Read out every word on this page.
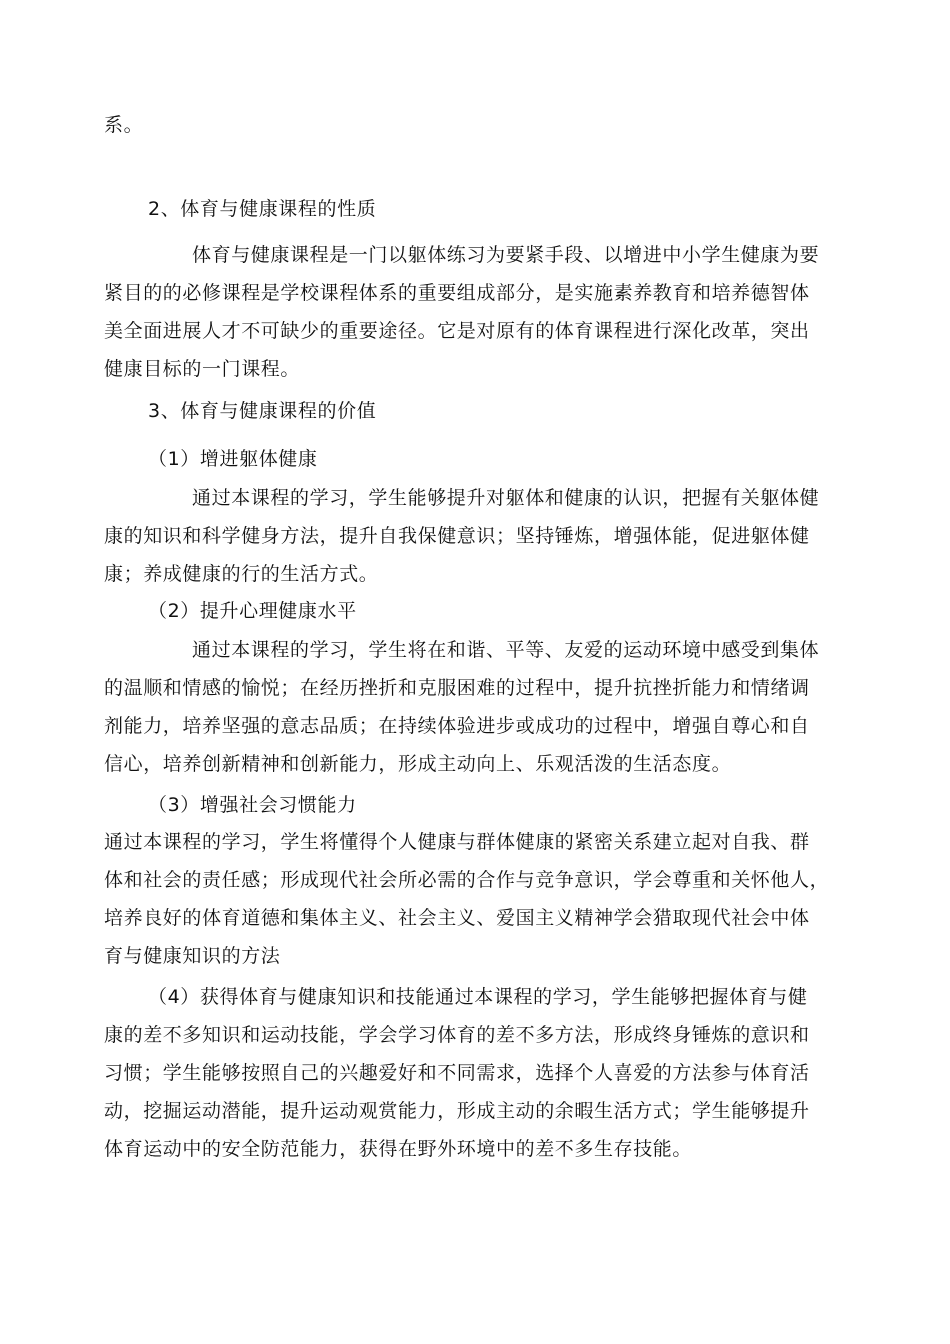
系。
2、体育与健康课程的性质
体育与健康课程是一门以躯体练习为要紧手段、以增进中小学生健康为要
紧目的的必修课程是学校课程体系的重要组成部分，是实施素养教育和培养德智体
美全面进展人才不可缺少的重要途径。它是对原有的体育课程进行深化改革，突出
健康目标的一门课程。
3、体育与健康课程的价值
（1）增进躯体健康
通过本课程的学习，学生能够提升对躯体和健康的认识，把握有关躯体健
康的知识和科学健身方法，提升自我保健意识；坚持锤炼，增强体能，促进躯体健
康；养成健康的行的生活方式。
（2）提升心理健康水平
通过本课程的学习，学生将在和谐、平等、友爱的运动环境中感受到集体
的温顺和情感的愉悦；在经历挫折和克服困难的过程中，提升抗挫折能力和情绪调
剂能力，培养坚强的意志品质；在持续体验进步或成功的过程中，增强自尊心和自
信心，培养创新精神和创新能力，形成主动向上、乐观活泼的生活态度。
（3）增强社会习惯能力
通过本课程的学习，学生将懂得个人健康与群体健康的紧密关系建立起对自我、群
体和社会的责任感；形成现代社会所必需的合作与竞争意识，学会尊重和关怀他人，
培养良好的体育道德和集体主义、社会主义、爱国主义精神学会猎取现代社会中体
育与健康知识的方法
（4）获得体育与健康知识和技能通过本课程的学习，学生能够把握体育与健
康的差不多知识和运动技能，学会学习体育的差不多方法，形成终身锤炼的意识和
习惯；学生能够按照自己的兴趣爱好和不同需求，选择个人喜爱的方法参与体育活
动，挖掘运动潜能，提升运动观赏能力，形成主动的余暇生活方式；学生能够提升
体育运动中的安全防范能力，获得在野外环境中的差不多生存技能。
